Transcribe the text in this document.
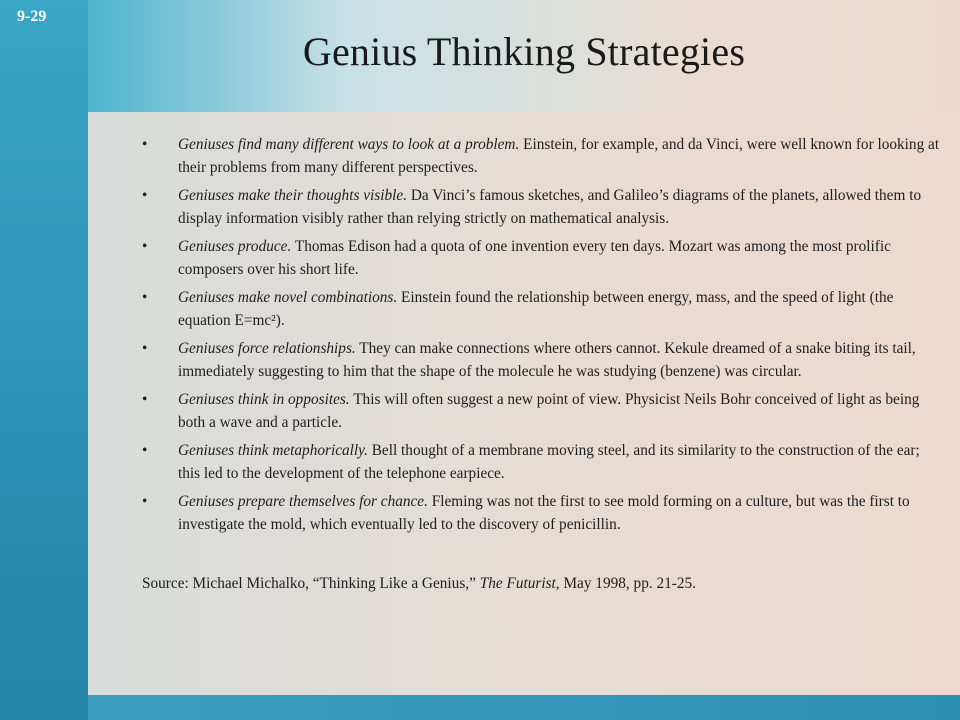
9-29
Genius Thinking Strategies
•	Geniuses find many different ways to look at a problem. Einstein, for example, and da Vinci, were well known for looking at their problems from many different perspectives.
•	Geniuses make their thoughts visible. Da Vinci’s famous sketches, and Galileo’s diagrams of the planets, allowed them to display information visibly rather than relying strictly on mathematical analysis.
•	Geniuses produce. Thomas Edison had a quota of one invention every ten days. Mozart was among the most prolific composers over his short life.
•	Geniuses make novel combinations. Einstein found the relationship between energy, mass, and the speed of light (the equation E=mc²).
•	Geniuses force relationships. They can make connections where others cannot. Kekule dreamed of a snake biting its tail, immediately suggesting to him that the shape of the molecule he was studying (benzene) was circular.
•	Geniuses think in opposites. This will often suggest a new point of view. Physicist Neils Bohr conceived of light as being both a wave and a particle.
•	Geniuses think metaphorically. Bell thought of a membrane moving steel, and its similarity to the construction of the ear; this led to the development of the telephone earpiece.
•	Geniuses prepare themselves for chance. Fleming was not the first to see mold forming on a culture, but was the first to investigate the mold, which eventually led to the discovery of penicillin.
Source: Michael Michalko, “Thinking Like a Genius,” The Futurist, May 1998, pp. 21-25.
